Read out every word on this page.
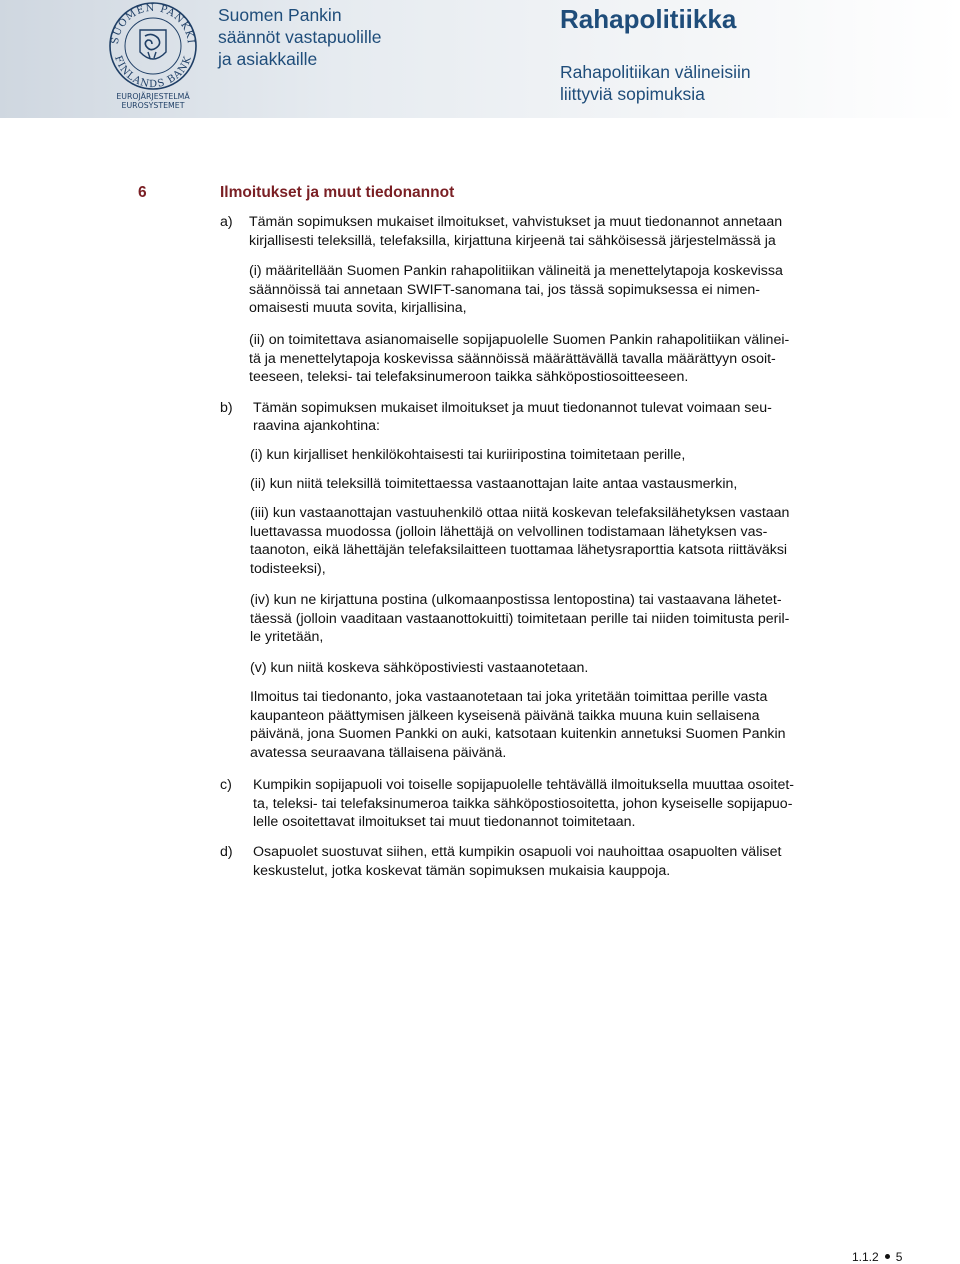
SUOMEN PANKKI
FINLANDS BANK
EUROJÄRJESTELMÄ
EUROSYSTEMET
Suomen Pankin
säännöt vastapuolille
ja asiakkaille
Rahapolitiikka
Rahapolitiikan välineisiin
liittyviä sopimuksia
6	Ilmoitukset ja muut tiedonannot
a) Tämän sopimuksen mukaiset ilmoitukset, vahvistukset ja muut tiedonannot annetaan
kirjallisesti teleksillä, telefaksilla, kirjattuna kirjeenä tai sähköisessä järjestelmässä ja
(i) määritellään Suomen Pankin rahapolitiikan välineitä ja menettelytapoja koskevissa
säännöissä tai annetaan SWIFT-sanomana tai, jos tässä sopimuksessa ei nimen-
omaisesti muuta sovita, kirjallisina,
(ii) on toimitettava asianomaiselle sopijapuolelle Suomen Pankin rahapolitiikan välinei-
tä ja menettelytapoja koskevissa säännöissä määrättävällä tavalla määrättyyn osoit-
teeseen, teleksi- tai telefaksinumeroon taikka sähköpostiosoitteeseen.
b) Tämän sopimuksen mukaiset ilmoitukset ja muut tiedonannot tulevat voimaan seu-
raavina ajankohtina:
(i) kun kirjalliset henkilökohtaisesti tai kuriiripostina toimitetaan perille,
(ii) kun niitä teleksillä toimitettaessa vastaanottajan laite antaa vastausmerkin,
(iii) kun vastaanottajan vastuuhenkilö ottaa niitä koskevan telefaksilähetyksen vastaan
luettavassa muodossa (jolloin lähettäjä on velvollinen todistamaan lähetyksen vas-
taanoton, eikä lähettäjän telefaksilaitteen tuottamaa lähetysraporttia katsota riittäväksi
todisteeksi),
(iv) kun ne kirjattuna postina (ulkomaanpostissa lentopostina) tai vastaavana lähetet-
täessä (jolloin vaaditaan vastaanottokuitti) toimitetaan perille tai niiden toimitusta peril-
le yritetään,
(v) kun niitä koskeva sähköpostiviesti vastaanotetaan.
Ilmoitus tai tiedonanto, joka vastaanotetaan tai joka yritetään toimittaa perille vasta
kaupanteon päättymisen jälkeen kyseisenä päivänä taikka muuna kuin sellaisena
päivänä, jona Suomen Pankki on auki, katsotaan kuitenkin annetuksi Suomen Pankin
avatessa seuraavana tällaisena päivänä.
c) Kumpikin sopijapuoli voi toiselle sopijapuolelle tehtävällä ilmoituksella muuttaa osoitet-
ta, teleksi- tai telefaksinumeroa taikka sähköpostiosoitetta, johon kyseiselle sopijapuo-
lelle osoitettavat ilmoitukset tai muut tiedonannot toimitetaan.
d) Osapuolet suostuvat siihen, että kumpikin osapuoli voi nauhoittaa osapuolten väliset
keskustelut, jotka koskevat tämän sopimuksen mukaisia kauppoja.
1.1.2 5
